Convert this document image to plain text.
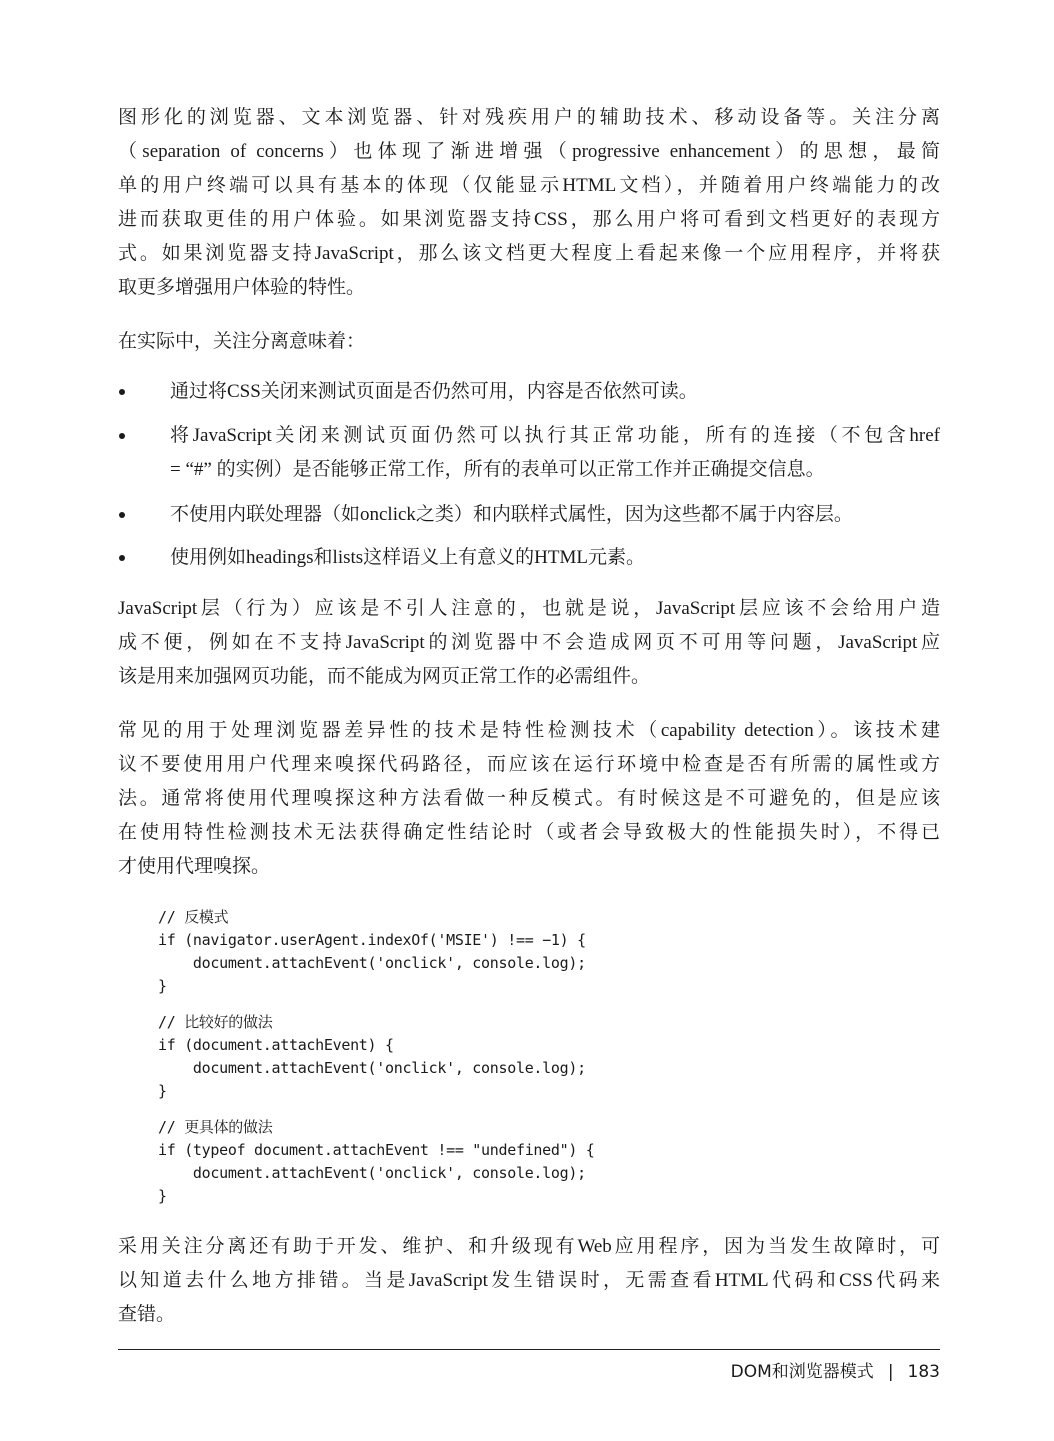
图形化的浏览器、文本浏览器、针对残疾用户的辅助技术、移动设备等。关注分离
（separation of concerns）也体现了渐进增强（progressive enhancement）的思想，最简
单的用户终端可以具有基本的体现（仅能显示HTML文档），并随着用户终端能力的改
进而获取更佳的用户体验。如果浏览器支持CSS，那么用户将可看到文档更好的表现方
式。如果浏览器支持JavaScript，那么该文档更大程度上看起来像一个应用程序，并将获
取更多增强用户体验的特性。
在实际中，关注分离意味着：
通过将CSS关闭来测试页面是否仍然可用，内容是否依然可读。
将JavaScript关闭来测试页面仍然可以执行其正常功能，所有的连接（不包含href
= “#” 的实例）是否能够正常工作，所有的表单可以正常工作并正确提交信息。
不使用内联处理器（如onclick之类）和内联样式属性，因为这些都不属于内容层。
使用例如headings和lists这样语义上有意义的HTML元素。
JavaScript层（行为）应该是不引人注意的，也就是说，JavaScript层应该不会给用户造
成不便，例如在不支持JavaScript的浏览器中不会造成网页不可用等问题，JavaScript应
该是用来加强网页功能，而不能成为网页正常工作的必需组件。
常见的用于处理浏览器差异性的技术是特性检测技术（capability detection）。该技术建
议不要使用用户代理来嗅探代码路径，而应该在运行环境中检查是否有所需的属性或方
法。通常将使用代理嗅探这种方法看做一种反模式。有时候这是不可避免的，但是应该
在使用特性检测技术无法获得确定性结论时（或者会导致极大的性能损失时），不得已
才使用代理嗅探。
// 反模式
if (navigator.userAgent.indexOf('MSIE') !== −1) {
document.attachEvent('onclick', console.log);
}
// 比较好的做法
if (document.attachEvent) {
document.attachEvent('onclick', console.log);
}
// 更具体的做法
if (typeof document.attachEvent !== "undefined") {
document.attachEvent('onclick', console.log);
}
采用关注分离还有助于开发、维护、和升级现有Web应用程序，因为当发生故障时，可
以知道去什么地方排错。当是JavaScript发生错误时，无需查看HTML代码和CSS代码来
查错。
DOM和浏览器模式 | 183
